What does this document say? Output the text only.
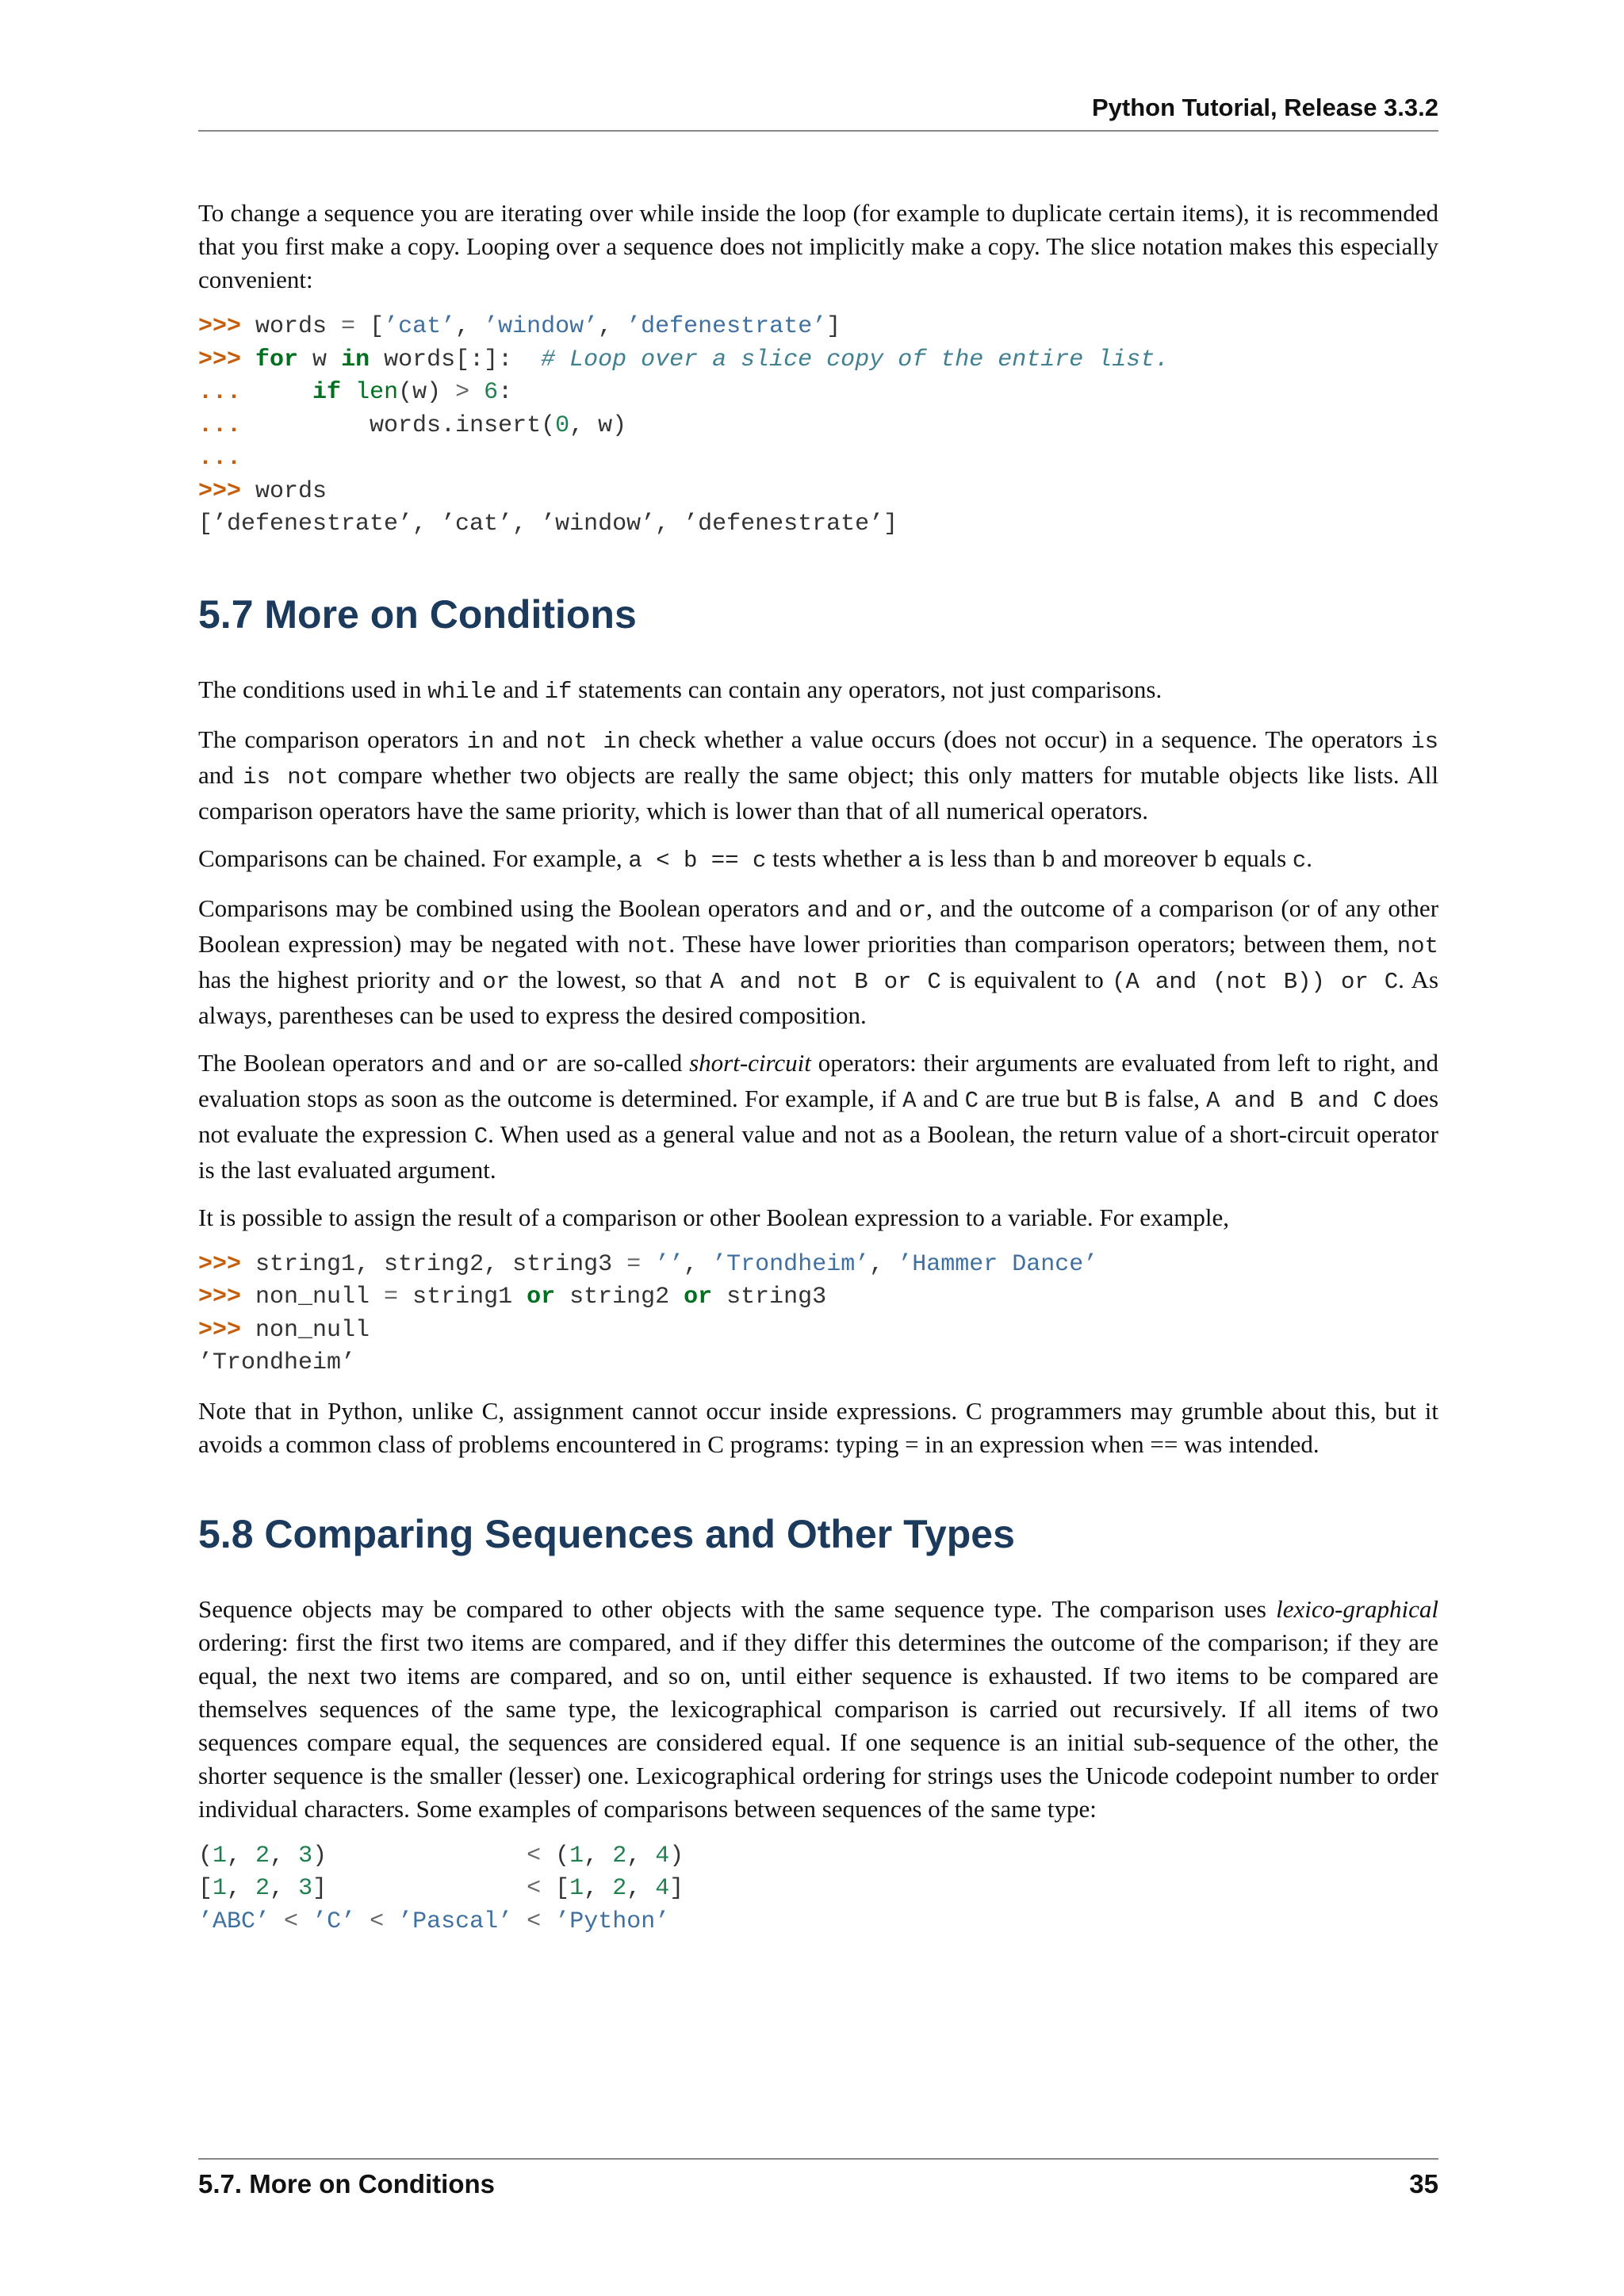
Python Tutorial, Release 3.3.2

To change a sequence you are iterating over while inside the loop (for example to duplicate certain items), it is recommended that you first make a copy. Looping over a sequence does not implicitly make a copy. The slice notation makes this especially convenient:

>>> words = [’cat’, ’window’, ’defenestrate’]
>>> for w in words[:]:  # Loop over a slice copy of the entire list.
...	if len(w) > 6:
...         words.insert(0, w)
...
>>> words
[’defenestrate’, ’cat’, ’window’, ’defenestrate’]
5.7 More on Conditions

The conditions used in while and if statements can contain any operators, not just comparisons.

The comparison operators in and not in check whether a value occurs (does not occur) in a sequence. The operators is and is not compare whether two objects are really the same object; this only matters for mutable objects like lists. All comparison operators have the same priority, which is lower than that of all numerical operators.

Comparisons can be chained. For example, a < b == c tests whether a is less than b and moreover b equals c.

Comparisons may be combined using the Boolean operators and and or, and the outcome of a comparison (or of any other Boolean expression) may be negated with not. These have lower priorities than comparison operators; between them, not has the highest priority and or the lowest, so that A and not B or C is equivalent to (A and (not B)) or C. As always, parentheses can be used to express the desired composition.

The Boolean operators and and or are so-called short-circuit operators: their arguments are evaluated from left to right, and evaluation stops as soon as the outcome is determined. For example, if A and C are true but B is false, A and B and C does not evaluate the expression C. When used as a general value and not as a Boolean, the return value of a short-circuit operator is the last evaluated argument.

It is possible to assign the result of a comparison or other Boolean expression to a variable. For example,

>>> string1, string2, string3 = ’’, ’Trondheim’, ’Hammer Dance’
>>> non_null = string1 or string2 or string3
>>> non_null
’Trondheim’

Note that in Python, unlike C, assignment cannot occur inside expressions. C programmers may grumble about this, but it avoids a common class of problems encountered in C programs: typing = in an expression when == was intended.

5.8 Comparing Sequences and Other Types

Sequence objects may be compared to other objects with the same sequence type. The comparison uses lexico-graphical ordering: first the first two items are compared, and if they differ this determines the outcome of the comparison; if they are equal, the next two items are compared, and so on, until either sequence is exhausted. If two items to be compared are themselves sequences of the same type, the lexicographical comparison is carried out recursively. If all items of two sequences compare equal, the sequences are considered equal. If one sequence is an initial sub-sequence of the other, the shorter sequence is the smaller (lesser) one. Lexicographical ordering for strings uses the Unicode codepoint number to order individual characters. Some examples of comparisons between sequences of the same type:

(1, 2, 3)              < (1, 2, 4)
[1, 2, 3]              < [1, 2, 4]
’ABC’ < ’C’ < ’Pascal’ < ’Python’
5.7. More on Conditions	35
